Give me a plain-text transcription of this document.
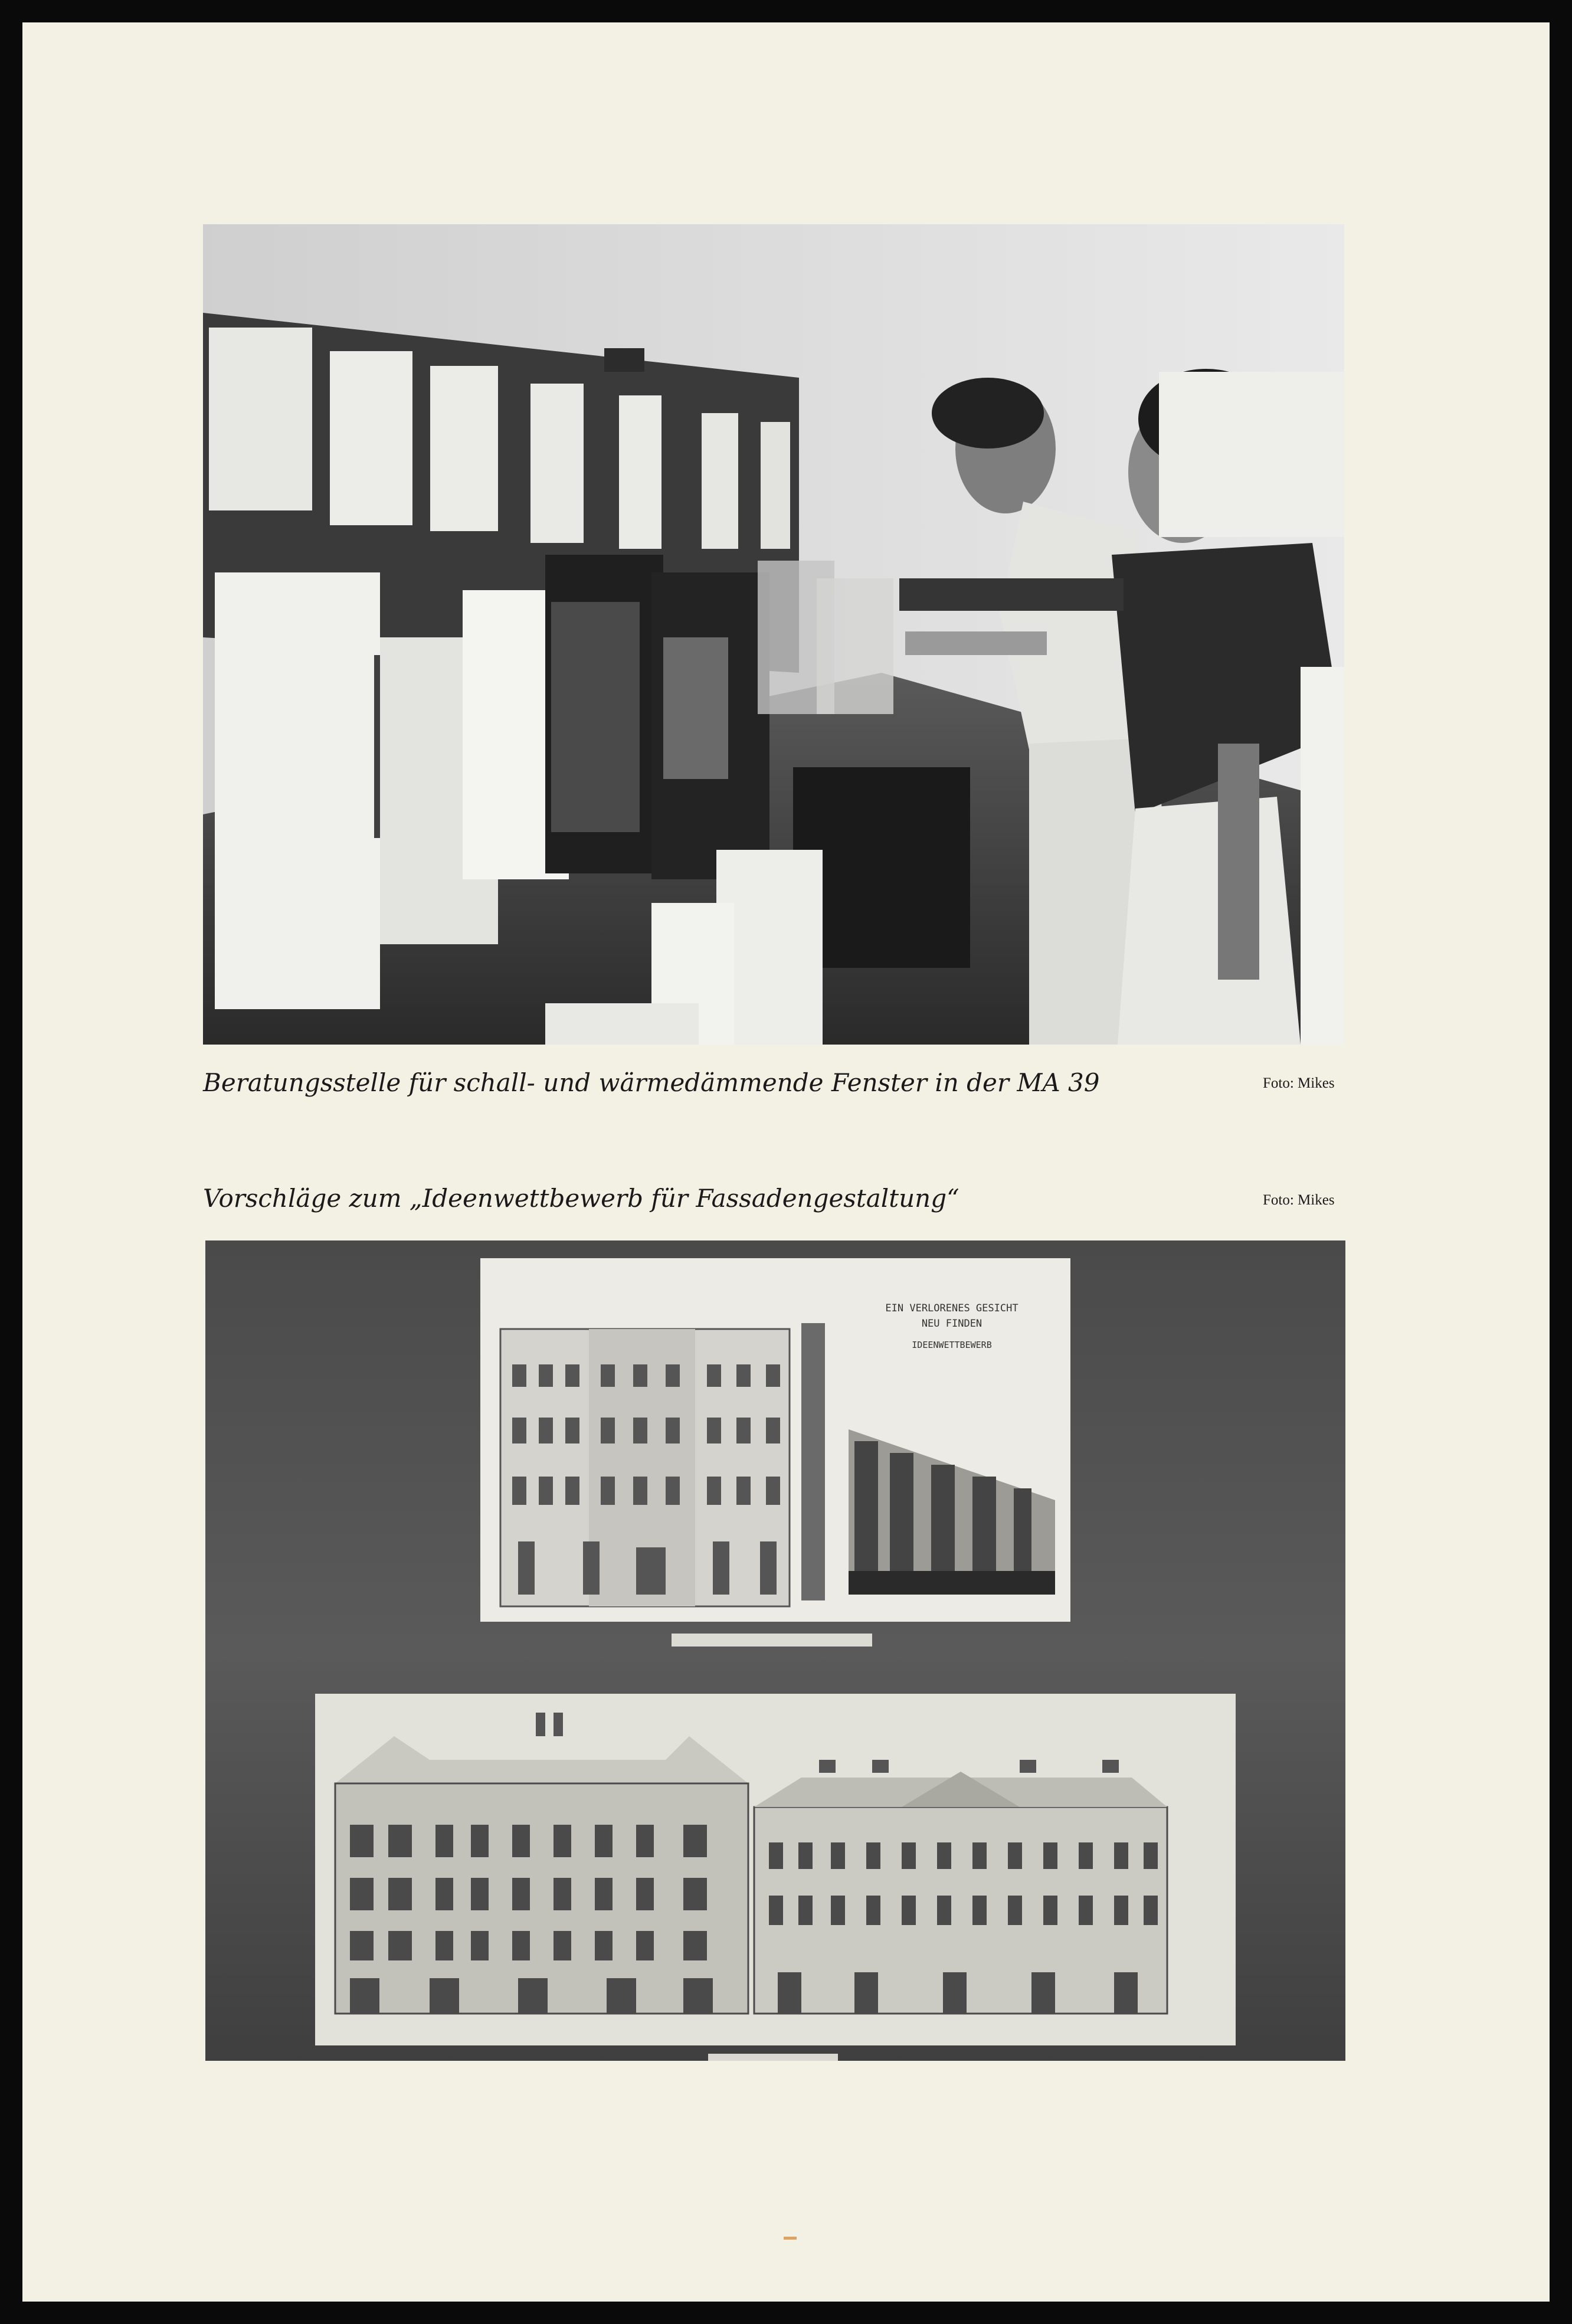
Beratungsstelle für schall- und wärmedämmende Fenster in der MA 39	Foto: Mikes
Vorschläge zum „Ideenwettbewerb für Fassadengestaltung“	Foto: Mikes
EIN VERLORENES GESICHT
NEU FINDEN
IDEENWETTBEWERB
